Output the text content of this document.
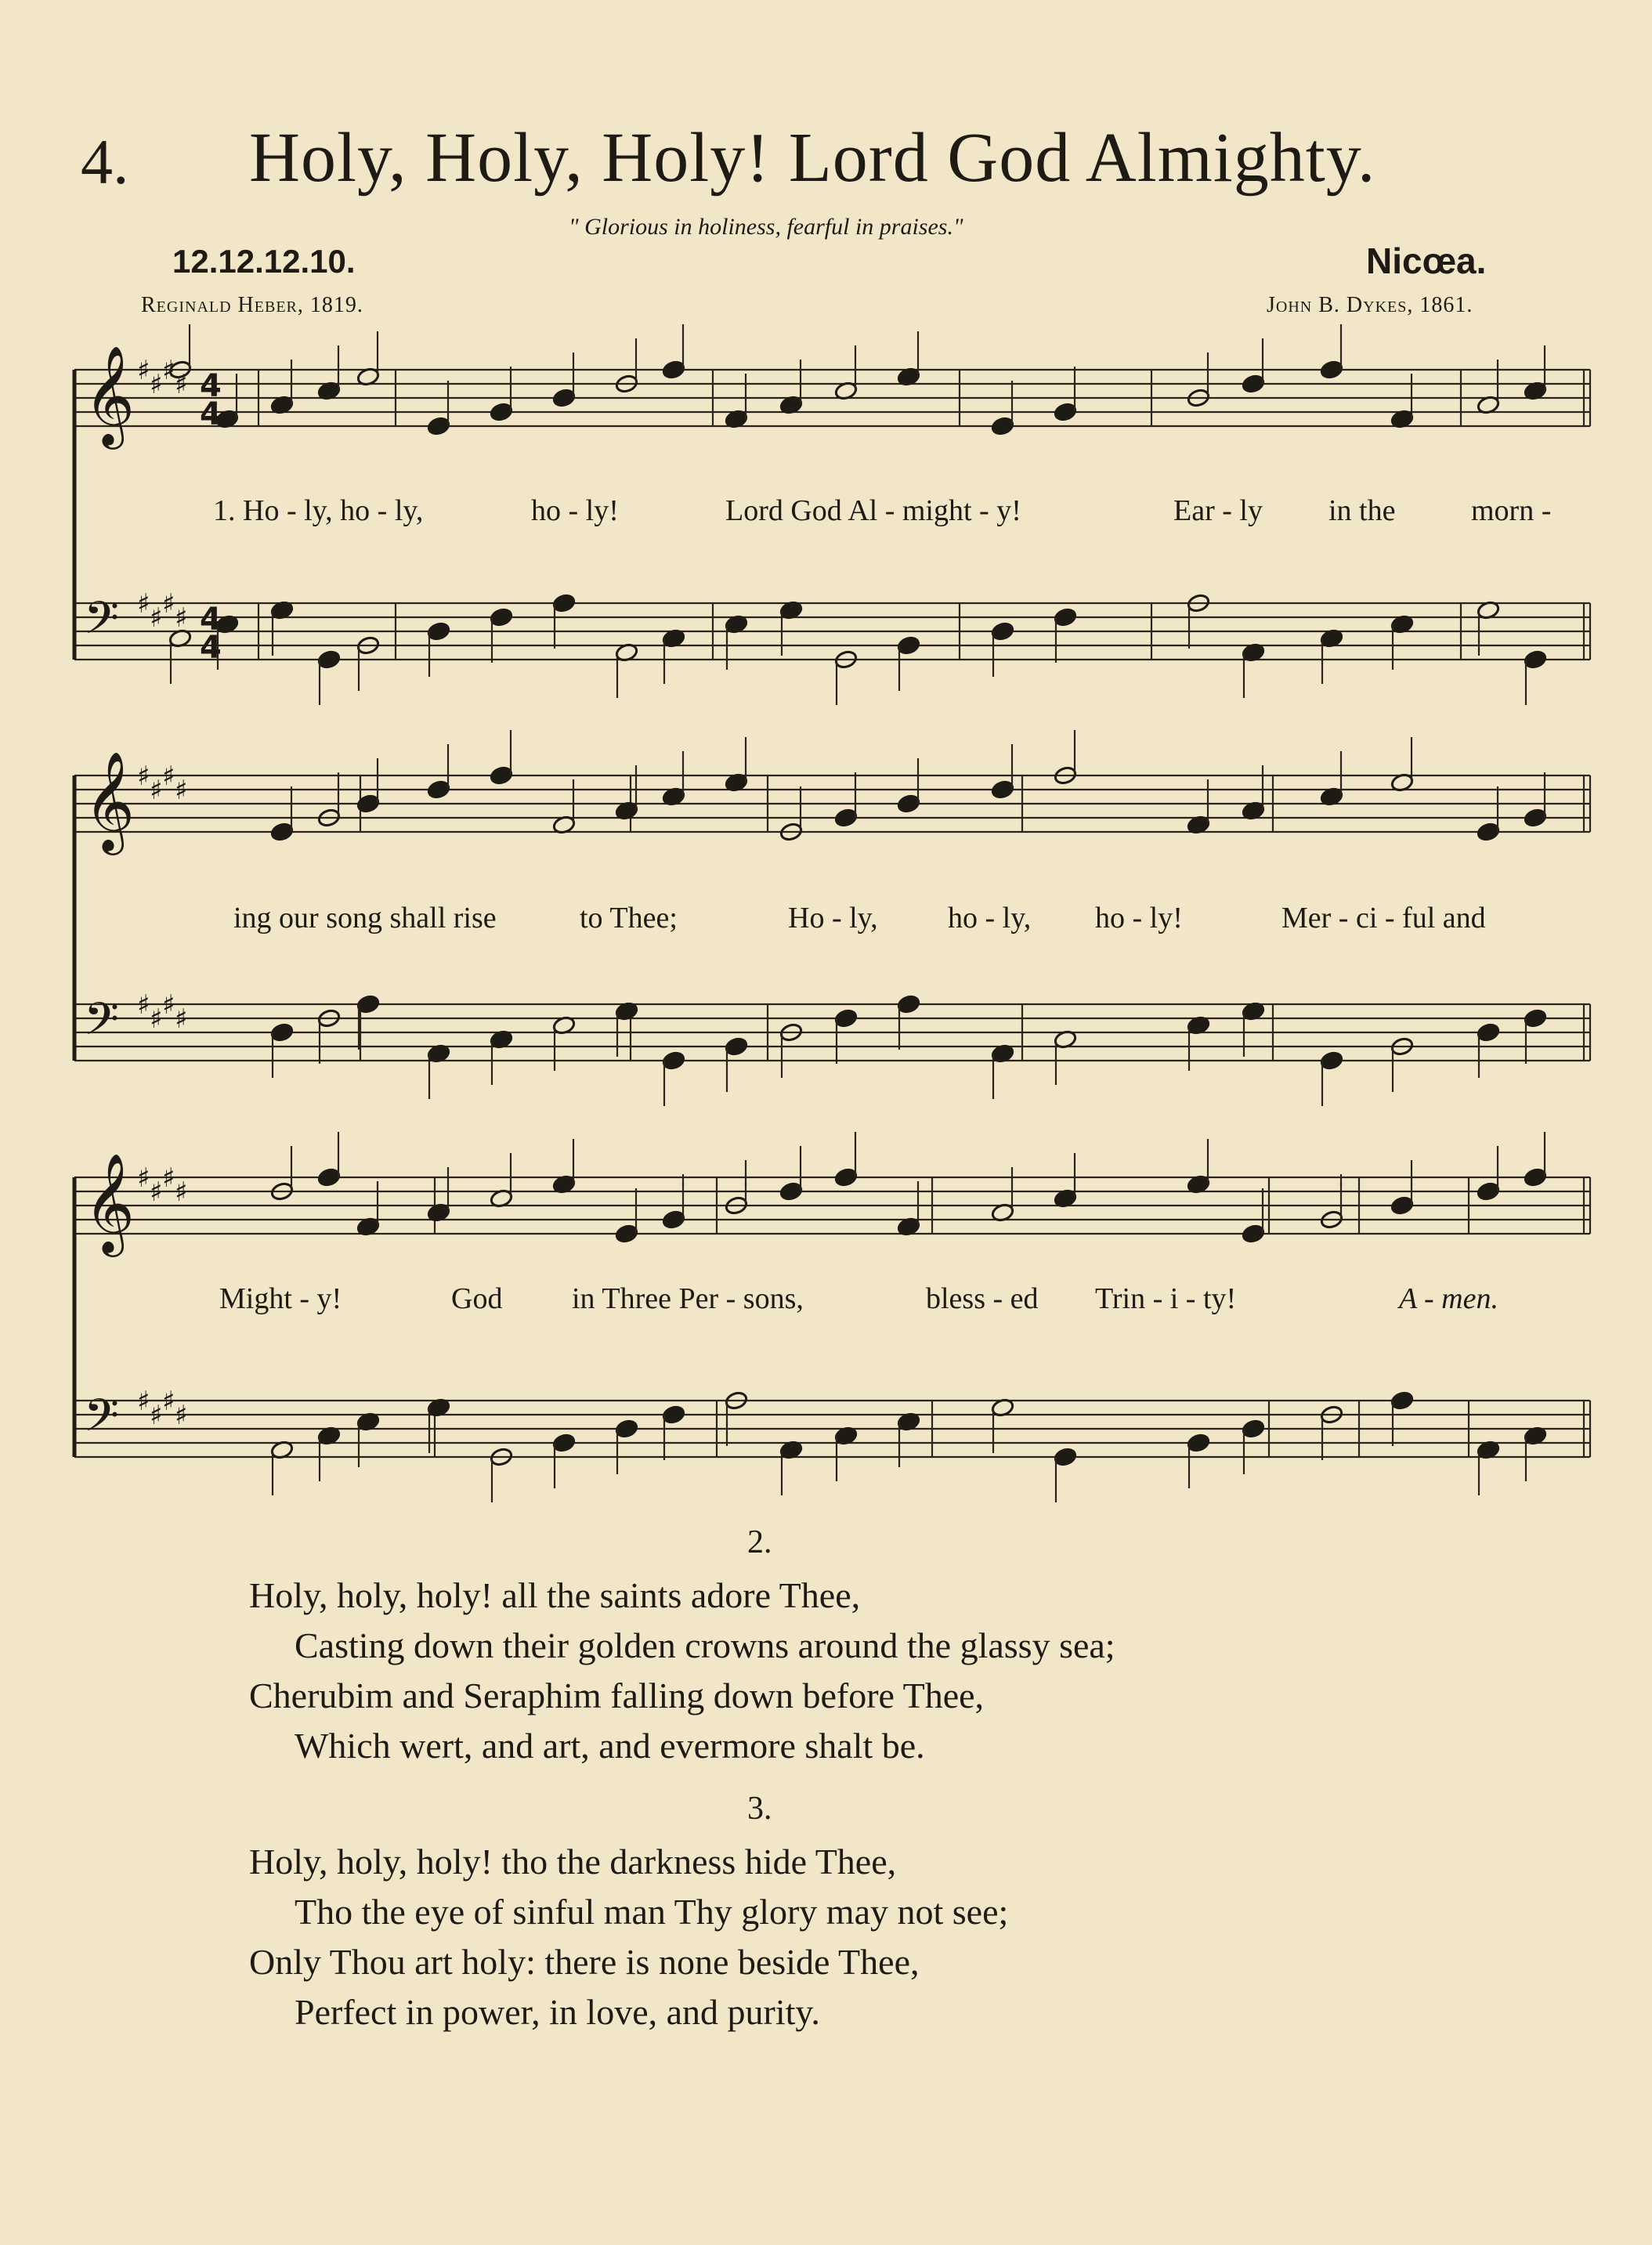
4. Holy, Holy, Holy! Lord God Almighty.
" Glorious in holiness, fearful in praises."
12.12.12.10.	Nicœa.
Reginald Heber, 1819.	John B. Dykes, 1861.
𝄞 ♯ ♯ ♯ ♯
𝄢 ♯ ♯ ♯ ♯
4
4
4
4
𝄞 ♯ ♯ ♯ ♯
𝄢 ♯ ♯ ♯ ♯
𝄞 ♯ ♯ ♯ ♯
𝄢 ♯ ♯ ♯ ♯
1. Ho - ly, ho - ly,	ho - ly!	Lord God Al - might - y!	Ear - ly in the	morn -
ing our song shall rise	to Thee;	Ho - ly, ho - ly, ho - ly!	Mer - ci - ful and
Might - y!	God in Three Per - sons,	bless - ed Trin - i - ty!	A - men.
2.
Holy, holy, holy! all the saints adore Thee,
Casting down their golden crowns around the glassy sea;
Cherubim and Seraphim falling down before Thee,
Which wert, and art, and evermore shalt be.
3.
Holy, holy, holy! tho the darkness hide Thee,
Tho the eye of sinful man Thy glory may not see;
Only Thou art holy: there is none beside Thee,
Perfect in power, in love, and purity.
